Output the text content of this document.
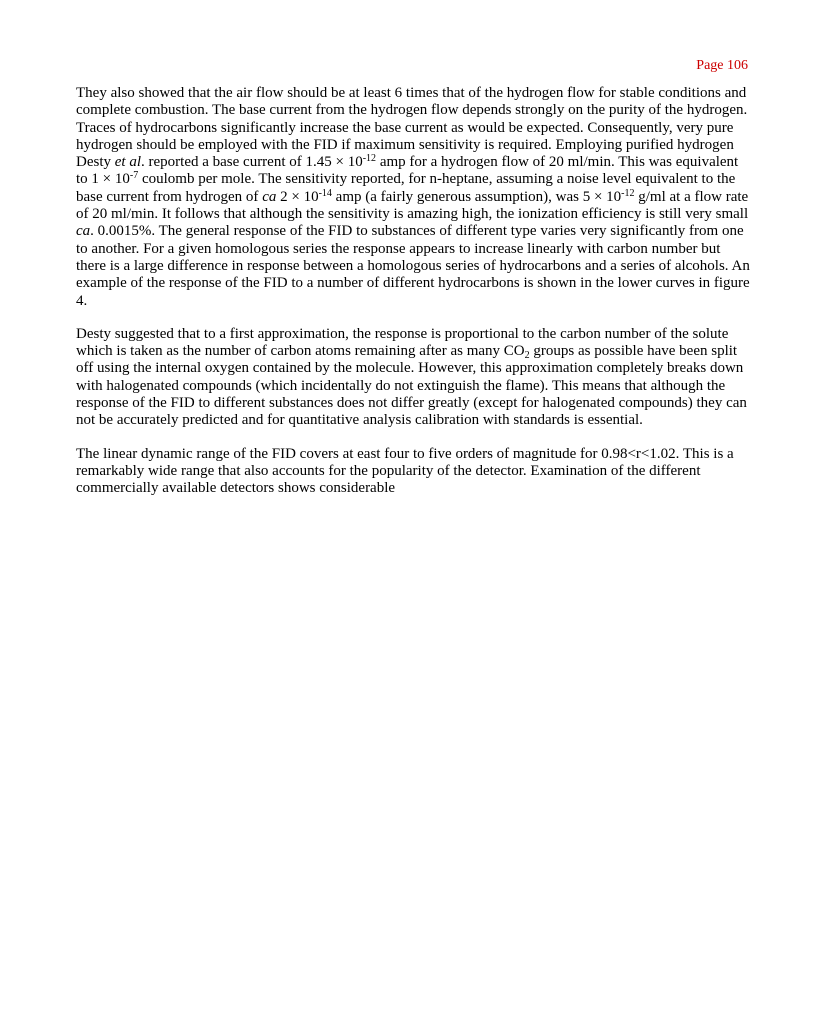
Page 106

They also showed that the air flow should be at least 6 times that of the hydrogen flow for stable conditions and complete combustion. The base current from the hydrogen flow depends strongly on the purity of the hydrogen. Traces of hydrocarbons significantly increase the base current as would be expected. Consequently, very pure hydrogen should be employed with the FID if maximum sensitivity is required. Employing purified hydrogen Desty et al. reported a base current of $1.45 \times 10^{-12}$ amp for a hydrogen flow of 20 ml/min. This was equivalent to $1 \times 10^{-7}$ coulomb per mole. The sensitivity reported, for n-heptane, assuming a noise level equivalent to the base current from hydrogen of ca $2 \times 10^{-14}$ amp (a fairly generous assumption), was $5 \times 10^{-12}$ g/ml at a flow rate of 20 ml/min. It follows that although the sensitivity is amazing high, the ionization efficiency is still very small ca. 0.0015%. The general response of the FID to substances of different type varies very significantly from one to another. For a given homologous series the response appears to increase linearly with carbon number but there is a large difference in response between a homologous series of hydrocarbons and a series of alcohols. An example of the response of the FID to a number of different hydrocarbons is shown in the lower curves in figure 4.

Desty suggested that to a first approximation, the response is proportional to the carbon number of the solute which is taken as the number of carbon atoms remaining after as many $CO_2$ groups as possible have been split off using the internal oxygen contained by the molecule. However, this approximation completely breaks down with halogenated compounds (which incidentally do not extinguish the flame). This means that although the response of the FID to different substances does not differ greatly (except for halogenated compounds) they can not be accurately predicted and for quantitative analysis calibration with standards is essential.

The linear dynamic range of the FID covers at east four to five orders of magnitude for 0.98<r<1.02. This is a remarkably wide range that also accounts for the popularity of the detector. Examination of the different commercially available detectors shows considerable
